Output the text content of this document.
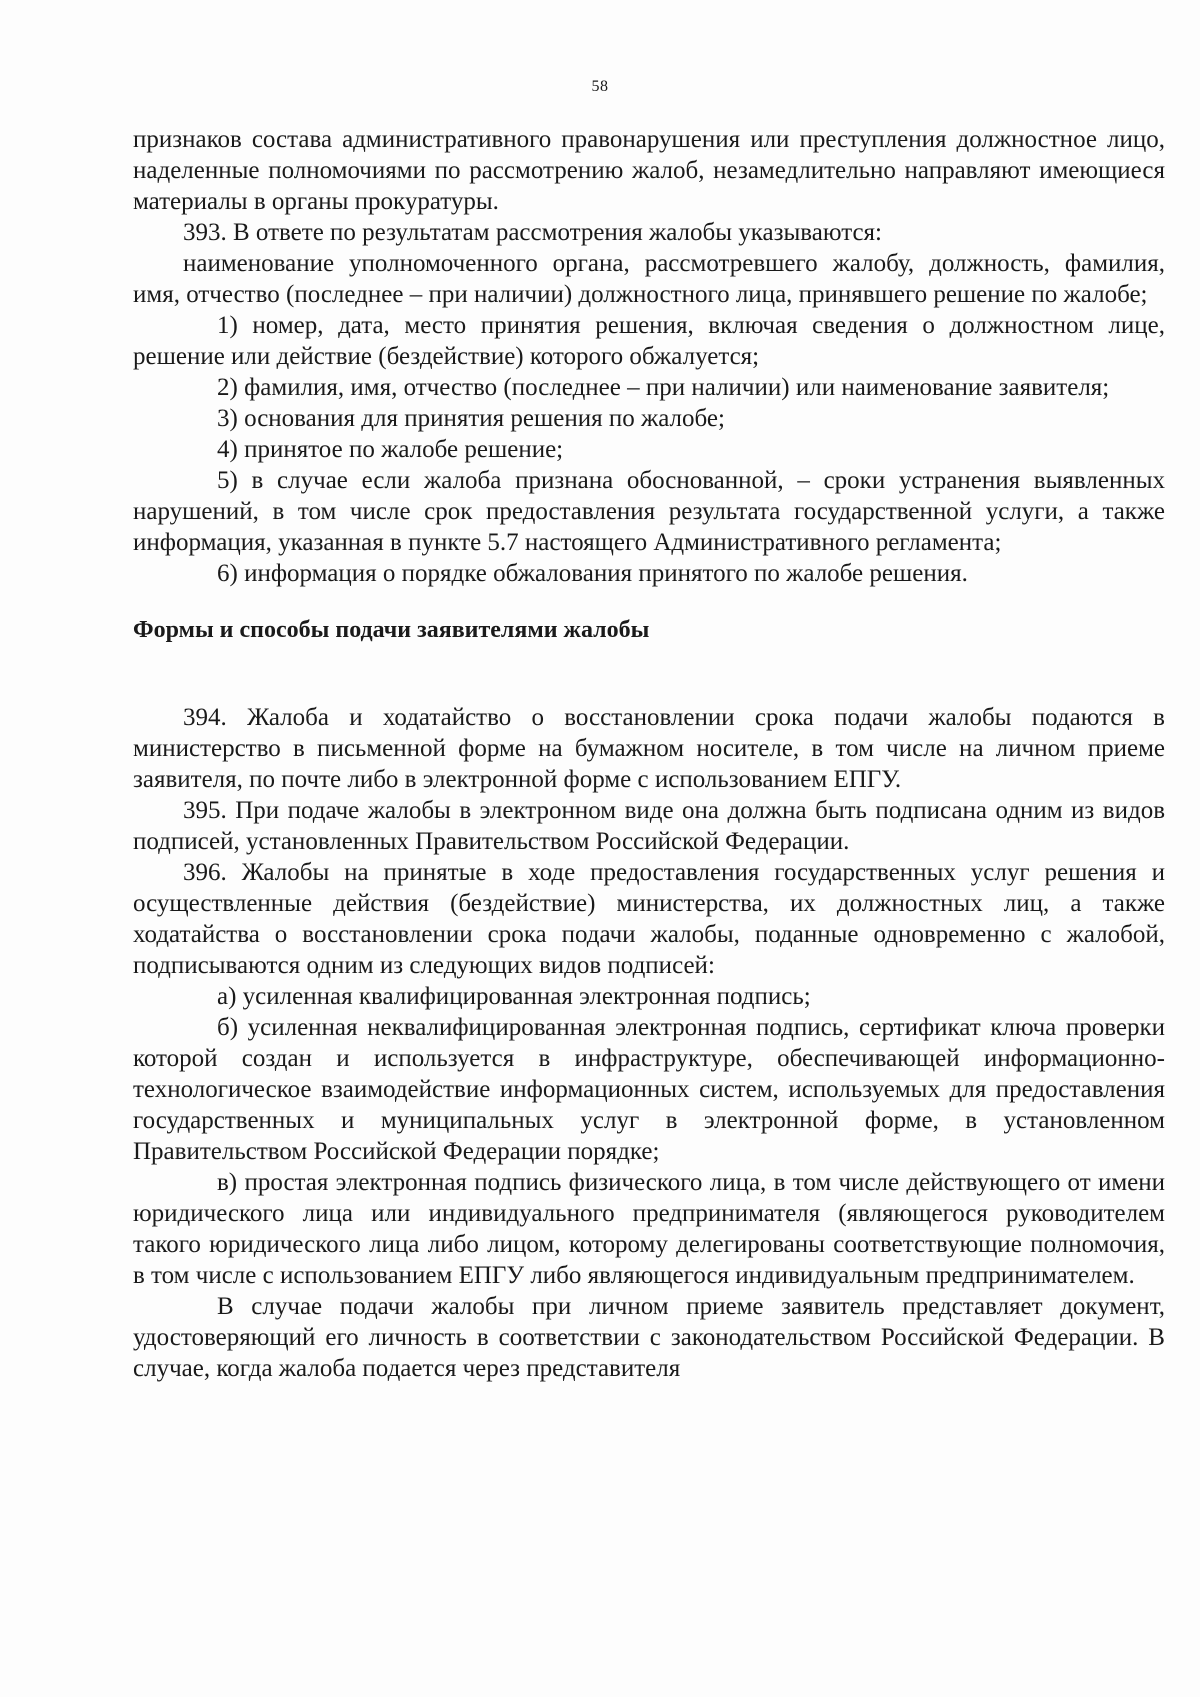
58

признаков состава административного правонарушения или преступления должностное лицо, наделенные полномочиями по рассмотрению жалоб, незамедлительно направляют имеющиеся материалы в органы прокуратуры.

393. В ответе по результатам рассмотрения жалобы указываются:

наименование уполномоченного органа, рассмотревшего жалобу, должность, фамилия, имя, отчество (последнее – при наличии) должностного лица, принявшего решение по жалобе;

1) номер, дата, место принятия решения, включая сведения о должностном лице, решение или действие (бездействие) которого обжалуется;

2) фамилия, имя, отчество (последнее – при наличии) или наименование заявителя;

3) основания для принятия решения по жалобе;

4) принятое по жалобе решение;

5) в случае если жалоба признана обоснованной, – сроки устранения выявленных нарушений, в том числе срок предоставления результата государственной услуги, а также информация, указанная в пункте 5.7 настоящего Административного регламента;

6) информация о порядке обжалования принятого по жалобе решения.

Формы и способы подачи заявителями жалобы

394. Жалоба и ходатайство о восстановлении срока подачи жалобы подаются в министерство в письменной форме на бумажном носителе, в том числе на личном приеме заявителя, по почте либо в электронной форме с использованием ЕПГУ.

395. При подаче жалобы в электронном виде она должна быть подписана одним из видов подписей, установленных Правительством Российской Федерации.

396. Жалобы на принятые в ходе предоставления государственных услуг решения и осуществленные действия (бездействие) министерства, их должностных лиц, а также ходатайства о восстановлении срока подачи жалобы, поданные одновременно с жалобой, подписываются одним из следующих видов подписей:

а) усиленная квалифицированная электронная подпись;

б) усиленная неквалифицированная электронная подпись, сертификат ключа проверки которой создан и используется в инфраструктуре, обеспечивающей информационно-технологическое взаимодействие информационных систем, используемых для предоставления государственных и муниципальных услуг в электронной форме, в установленном Правительством Российской Федерации порядке;

в) простая электронная подпись физического лица, в том числе действующего от имени юридического лица или индивидуального предпринимателя (являющегося руководителем такого юридического лица либо лицом, которому делегированы соответствующие полномочия, в том числе с использованием ЕПГУ либо являющегося индивидуальным предпринимателем.

В случае подачи жалобы при личном приеме заявитель представляет документ, удостоверяющий его личность в соответствии с законодательством Российской Федерации. В случае, когда жалоба подается через представителя
